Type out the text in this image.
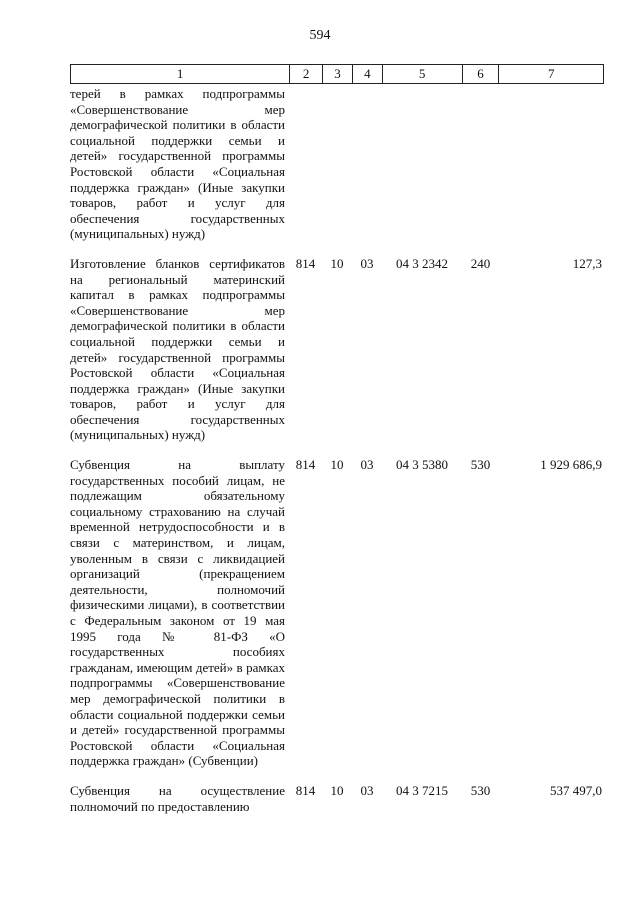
594
1	2	3	4	5	6	7
терей в рамках подпрограммы «Совершенствование мер демографической политики в области социальной поддержки семьи и детей» государственной программы Ростовской области «Социальная поддержка граждан» (Иные закупки товаров, работ и услуг для обеспечения государственных (муниципальных) нужд)
Изготовление бланков сертификатов на региональный материнский капитал в рамках подпрограммы «Совершенствование мер демографической политики в области социальной поддержки семьи и детей» государственной программы Ростовской области «Социальная поддержка граждан» (Иные закупки товаров, работ и услуг для обеспечения государственных (муниципальных) нужд)
814	10	03	04 3 2342	240	127,3
Субвенция на выплату государственных пособий лицам, не подлежащим обязательному социальному страхованию на случай временной нетрудоспособности и в связи с материнством, и лицам, уволенным в связи с ликвидацией организаций (прекращением деятельности, полномочий физическими лицами), в соответствии с Федеральным законом от 19 мая 1995 года № 81-ФЗ «О государственных пособиях гражданам, имеющим детей» в рамках подпрограммы «Совершенствование мер демографической политики в области социальной поддержки семьи и детей» государственной программы Ростовской области «Социальная поддержка граждан» (Субвенции)
814	10	03	04 3 5380	530	1 929 686,9
Субвенция на осуществление полномочий по предоставлению
814	10	03	04 3 7215	530	537 497,0
